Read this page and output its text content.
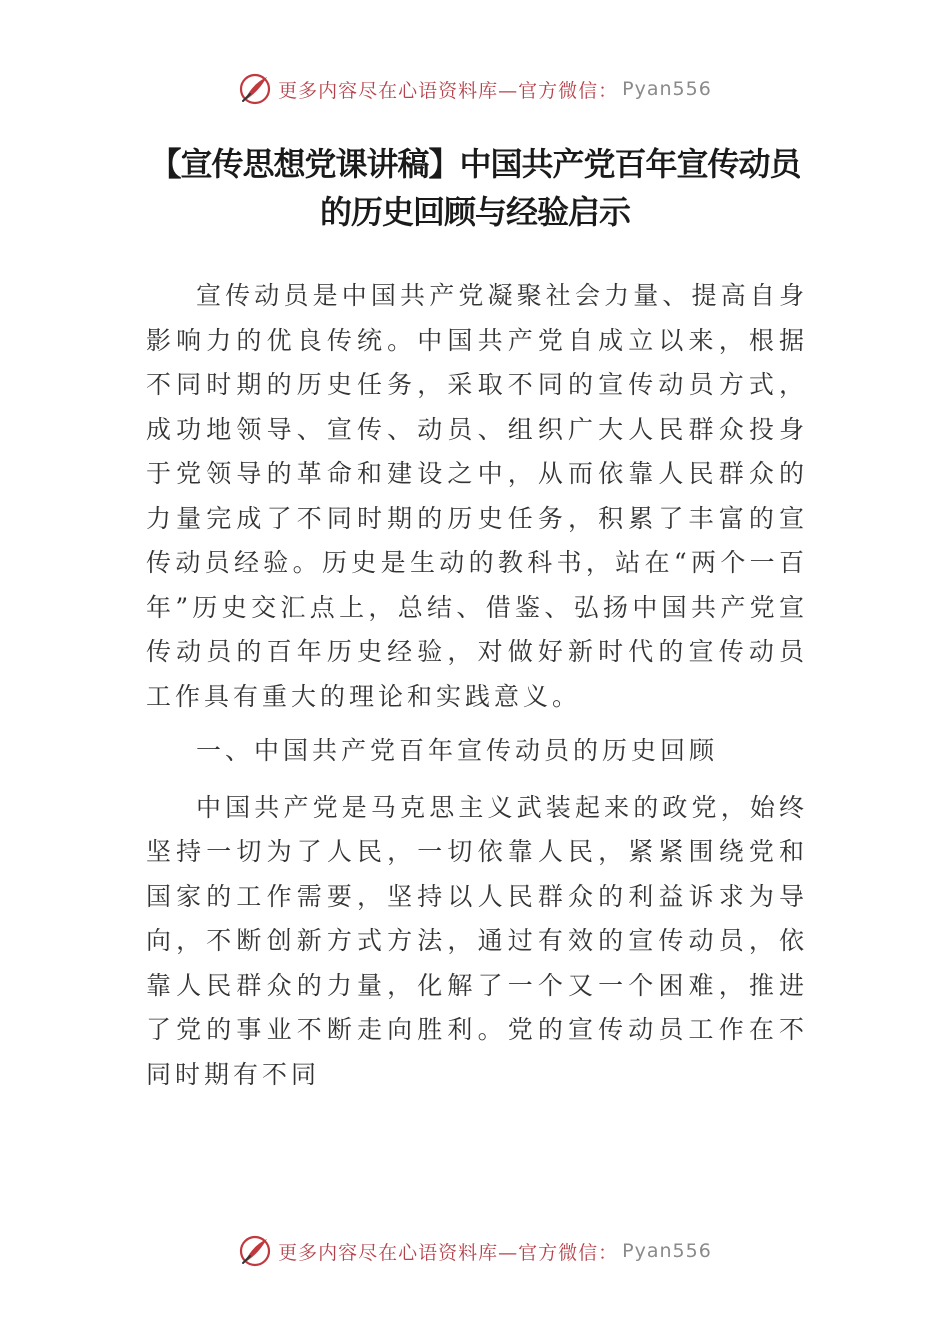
更多内容尽在心语资料库—官方微信： Pyan556
【宣传思想党课讲稿】中国共产党百年宣传动员的历史回顾与经验启示

宣传动员是中国共产党凝聚社会力量、提高自身影响力的优良传统。中国共产党自成立以来，根据不同时期的历史任务，采取不同的宣传动员方式，成功地领导、宣传、动员、组织广大人民群众投身于党领导的革命和建设之中，从而依靠人民群众的力量完成了不同时期的历史任务，积累了丰富的宣传动员经验。历史是生动的教科书，站在“两个一百年”历史交汇点上，总结、借鉴、弘扬中国共产党宣传动员的百年历史经验，对做好新时代的宣传动员工作具有重大的理论和实践意义。

一、中国共产党百年宣传动员的历史回顾

中国共产党是马克思主义武装起来的政党，始终坚持一切为了人民，一切依靠人民，紧紧围绕党和国家的工作需要，坚持以人民群众的利益诉求为导向，不断创新方式方法，通过有效的宣传动员，依靠人民群众的力量，化解了一个又一个困难，推进了党的事业不断走向胜利。党的宣传动员工作在不同时期有不同

更多内容尽在心语资料库—官方微信： Pyan556
